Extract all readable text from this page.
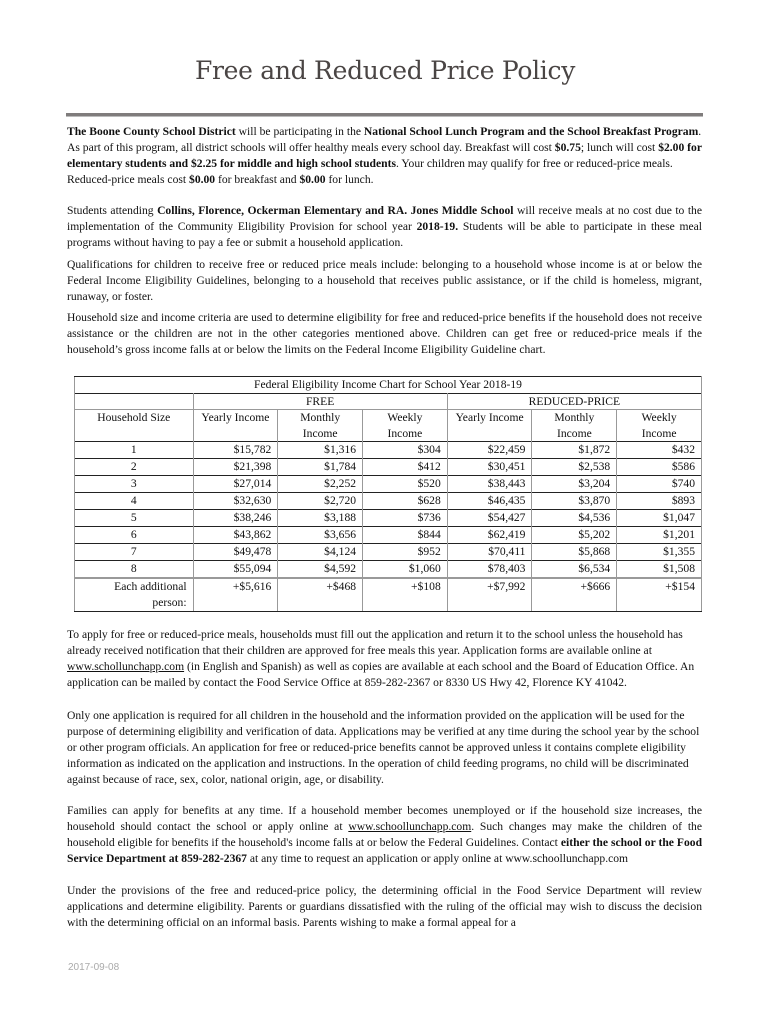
Free and Reduced Price Policy

The Boone County School District will be participating in the National School Lunch Program and the School Breakfast Program. As part of this program, all district schools will offer healthy meals every school day. Breakfast will cost $0.75; lunch will cost $2.00 for elementary students and $2.25 for middle and high school students. Your children may qualify for free or reduced-price meals. Reduced-price meals cost $0.00 for breakfast and $0.00 for lunch.

Students attending Collins, Florence, Ockerman Elementary and RA. Jones Middle School will receive meals at no cost due to the implementation of the Community Eligibility Provision for school year 2018-19. Students will be able to participate in these meal programs without having to pay a fee or submit a household application.

Qualifications for children to receive free or reduced price meals include: belonging to a household whose income is at or below the Federal Income Eligibility Guidelines, belonging to a household that receives public assistance, or if the child is homeless, migrant, runaway, or foster.

Household size and income criteria are used to determine eligibility for free and reduced-price benefits if the household does not receive assistance or the children are not in the other categories mentioned above. Children can get free or reduced-price meals if the household’s gross income falls at or below the limits on the Federal Income Eligibility Guideline chart.

Federal Eligibility Income Chart for School Year 2018-19						
	FREE			REDUCED-PRICE		
Household Size	Yearly Income	Monthly Income	Weekly Income	Yearly Income	Monthly Income	Weekly Income
1	$15,782	$1,316	$304	$22,459	$1,872	$432
2	$21,398	$1,784	$412	$30,451	$2,538	$586
3	$27,014	$2,252	$520	$38,443	$3,204	$740
4	$32,630	$2,720	$628	$46,435	$3,870	$893
5	$38,246	$3,188	$736	$54,427	$4,536	$1,047
6	$43,862	$3,656	$844	$62,419	$5,202	$1,201
7	$49,478	$4,124	$952	$70,411	$5,868	$1,355
8	$55,094	$4,592	$1,060	$78,403	$6,534	$1,508
Each additional person:	+$5,616	+$468	+$108	+$7,992	+$666	+$154

To apply for free or reduced-price meals, households must fill out the application and return it to the school unless the household has already received notification that their children are approved for free meals this year. Application forms are available online at www.schollunchapp.com (in English and Spanish) as well as copies are available at each school and the Board of Education Office. An application can be mailed by contact the Food Service Office at 859-282-2367 or 8330 US Hwy 42, Florence KY 41042.

Only one application is required for all children in the household and the information provided on the application will be used for the purpose of determining eligibility and verification of data. Applications may be verified at any time during the school year by the school or other program officials. An application for free or reduced-price benefits cannot be approved unless it contains complete eligibility information as indicated on the application and instructions. In the operation of child feeding programs, no child will be discriminated against because of race, sex, color, national origin, age, or disability.

Families can apply for benefits at any time. If a household member becomes unemployed or if the household size increases, the household should contact the school or apply online at www.schoollunchapp.com. Such changes may make the children of the household eligible for benefits if the household's income falls at or below the Federal Guidelines. Contact either the school or the Food Service Department at 859-282-2367 at any time to request an application or apply online at www.schoollunchapp.com

Under the provisions of the free and reduced-price policy, the determining official in the Food Service Department will review applications and determine eligibility. Parents or guardians dissatisfied with the ruling of the official may wish to discuss the decision with the determining official on an informal basis. Parents wishing to make a formal appeal for a

2017-09-08
